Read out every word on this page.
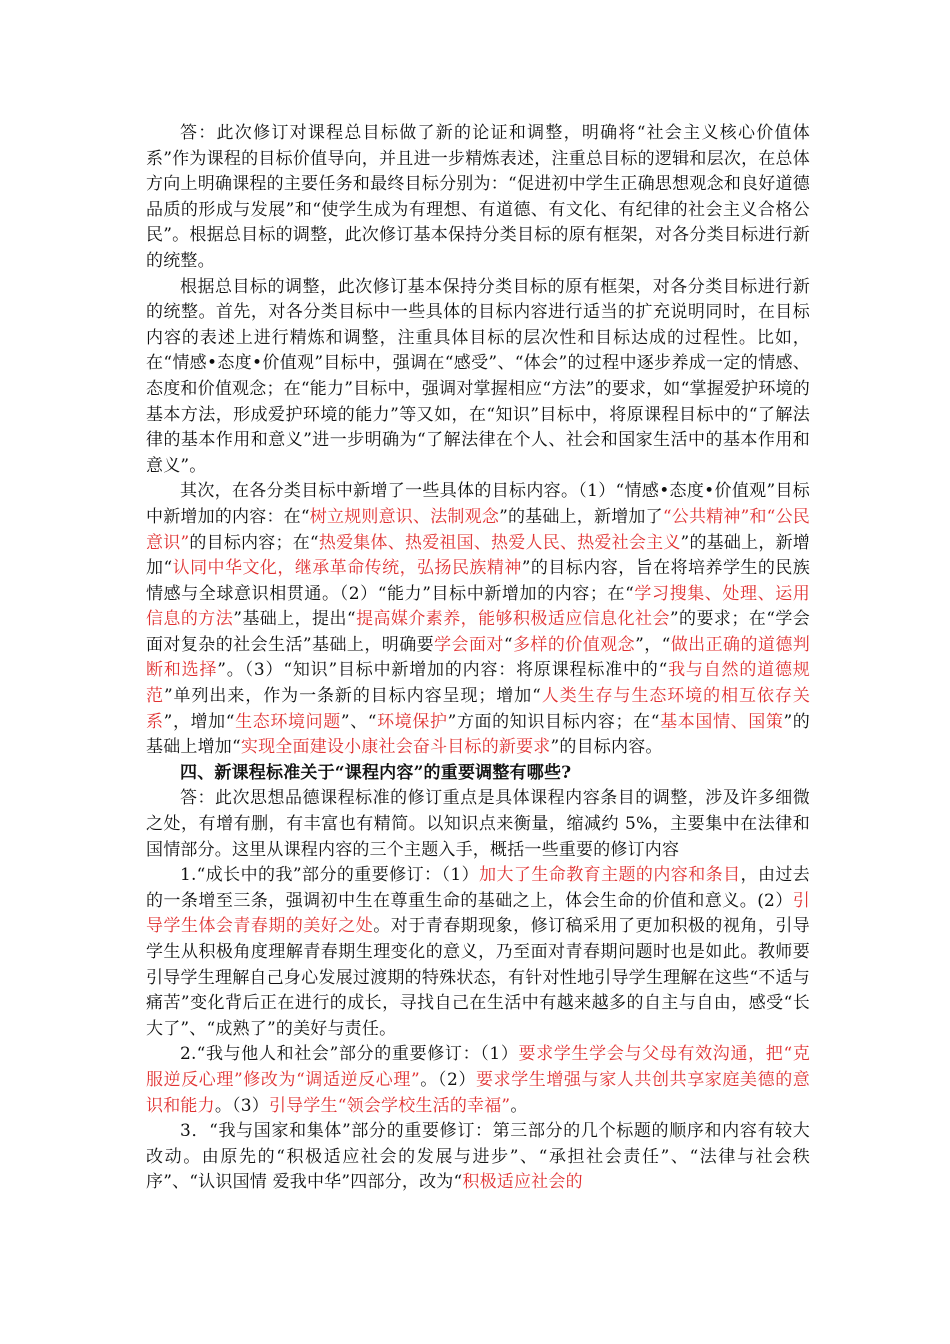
答：此次修订对课程总目标做了新的论证和调整，明确将“社会主义核心价值体系”作为课程的目标价值导向，并且进一步精炼表述，注重总目标的逻辑和层次，在总体方向上明确课程的主要任务和最终目标分别为：“促进初中学生正确思想观念和良好道德品质的形成与发展”和“使学生成为有理想、有道德、有文化、有纪律的社会主义合格公民”。根据总目标的调整，此次修订基本保持分类目标的原有框架，对各分类目标进行新的统整。

根据总目标的调整，此次修订基本保持分类目标的原有框架，对各分类目标进行新的统整。首先，对各分类目标中一些具体的目标内容进行适当的扩充说明同时，在目标内容的表述上进行精炼和调整，注重具体目标的层次性和目标达成的过程性。比如，在“情感•态度•价值观”目标中，强调在“感受”、“体会”的过程中逐步养成一定的情感、态度和价值观念；在“能力”目标中，强调对掌握相应“方法”的要求，如“掌握爱护环境的基本方法，形成爱护环境的能力”等又如，在“知识”目标中，将原课程目标中的“了解法律的基本作用和意义”进一步明确为“了解法律在个人、社会和国家生活中的基本作用和意义”。

其次，在各分类目标中新增了一些具体的目标内容。（1）“情感•态度•价值观”目标中新增加的内容：在“树立规则意识、法制观念”的基础上，新增加了“公共精神”和“公民意识”的目标内容；在“热爱集体、热爱祖国、热爱人民、热爱社会主义”的基础上，新增加“认同中华文化，继承革命传统，弘扬民族精神”的目标内容，旨在将培养学生的民族情感与全球意识相贯通。（2）“能力”目标中新增加的内容；在“学习搜集、处理、运用信息的方法”基础上，提出“提高媒介素养，能够积极适应信息化社会”的要求；在“学会面对复杂的社会生活”基础上，明确要学会面对“多样的价值观念”，“做出正确的道德判断和选择”。（3）“知识”目标中新增加的内容：将原课程标准中的“我与自然的道德规范”单列出来，作为一条新的目标内容呈现；增加“人类生存与生态环境的相互依存关系”，增加“生态环境问题”、“环境保护”方面的知识目标内容；在“基本国情、国策”的基础上增加“实现全面建设小康社会奋斗目标的新要求”的目标内容。

四、新课程标准关于“课程内容”的重要调整有哪些?

答：此次思想品德课程标准的修订重点是具体课程内容条目的调整，涉及许多细微之处，有增有删，有丰富也有精简。以知识点来衡量，缩减约 5%，主要集中在法律和国情部分。这里从课程内容的三个主题入手，概括一些重要的修订内容

1.“成长中的我”部分的重要修订：（1）加大了生命教育主题的内容和条目，由过去的一条增至三条，强调初中生在尊重生命的基础之上，体会生命的价值和意义。(2）引导学生体会青春期的美好之处。对于青春期现象，修订稿采用了更加积极的视角，引导学生从积极角度理解青春期生理变化的意义，乃至面对青春期问题时也是如此。教师要引导学生理解自己身心发展过渡期的特殊状态，有针对性地引导学生理解在这些“不适与痛苦”变化背后正在进行的成长，寻找自己在生活中有越来越多的自主与自由，感受“长大了”、“成熟了”的美好与责任。

2.“我与他人和社会”部分的重要修订：（1）要求学生学会与父母有效沟通，把“克服逆反心理”修改为“调适逆反心理”。（2）要求学生增强与家人共创共享家庭美德的意识和能力。（3）引导学生“领会学校生活的幸福”。

3．“我与国家和集体”部分的重要修订：第三部分的几个标题的顺序和内容有较大改动。由原先的“积极适应社会的发展与进步”、“承担社会责任”、“法律与社会秩序”、“认识国情 爱我中华”四部分，改为“积极适应社会的
